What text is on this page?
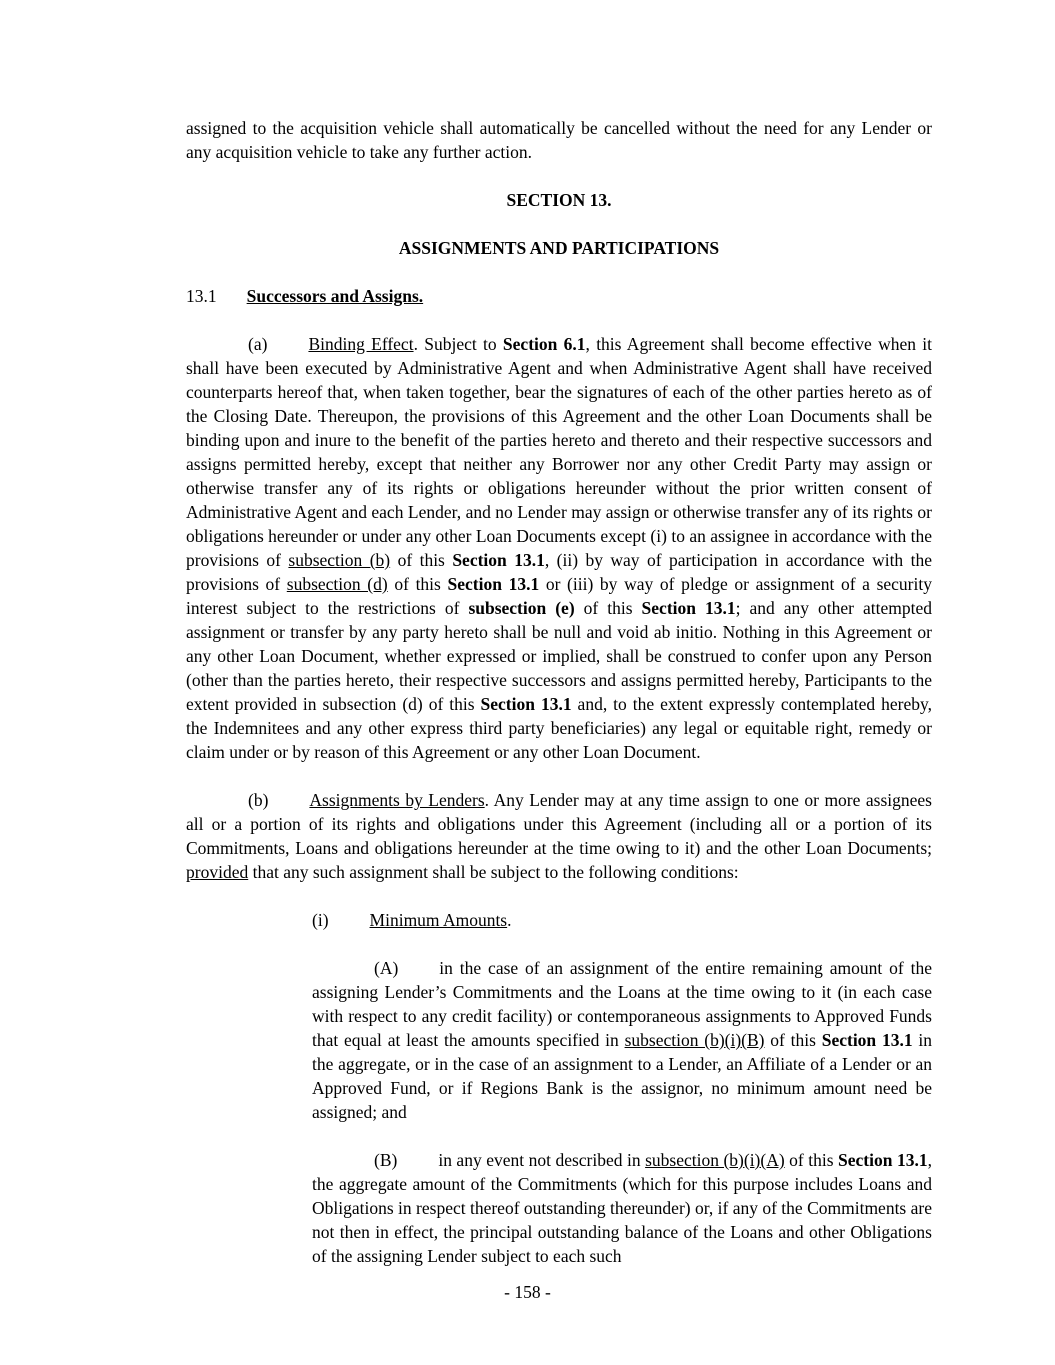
assigned to the acquisition vehicle shall automatically be cancelled without the need for any Lender or any acquisition vehicle to take any further action.

SECTION 13.

ASSIGNMENTS AND PARTICIPATIONS

13.1 Successors and Assigns.

(a) Binding Effect. Subject to Section 6.1, this Agreement shall become effective when it shall have been executed by Administrative Agent and when Administrative Agent shall have received counterparts hereof that, when taken together, bear the signatures of each of the other parties hereto as of the Closing Date. Thereupon, the provisions of this Agreement and the other Loan Documents shall be binding upon and inure to the benefit of the parties hereto and thereto and their respective successors and assigns permitted hereby, except that neither any Borrower nor any other Credit Party may assign or otherwise transfer any of its rights or obligations hereunder without the prior written consent of Administrative Agent and each Lender, and no Lender may assign or otherwise transfer any of its rights or obligations hereunder or under any other Loan Documents except (i) to an assignee in accordance with the provisions of subsection (b) of this Section 13.1, (ii) by way of participation in accordance with the provisions of subsection (d) of this Section 13.1 or (iii) by way of pledge or assignment of a security interest subject to the restrictions of subsection (e) of this Section 13.1; and any other attempted assignment or transfer by any party hereto shall be null and void ab initio. Nothing in this Agreement or any other Loan Document, whether expressed or implied, shall be construed to confer upon any Person (other than the parties hereto, their respective successors and assigns permitted hereby, Participants to the extent provided in subsection (d) of this Section 13.1 and, to the extent expressly contemplated hereby, the Indemnitees and any other express third party beneficiaries) any legal or equitable right, remedy or claim under or by reason of this Agreement or any other Loan Document.

(b) Assignments by Lenders. Any Lender may at any time assign to one or more assignees all or a portion of its rights and obligations under this Agreement (including all or a portion of its Commitments, Loans and obligations hereunder at the time owing to it) and the other Loan Documents; provided that any such assignment shall be subject to the following conditions:

(i) Minimum Amounts.

(A) in the case of an assignment of the entire remaining amount of the assigning Lender’s Commitments and the Loans at the time owing to it (in each case with respect to any credit facility) or contemporaneous assignments to Approved Funds that equal at least the amounts specified in subsection (b)(i)(B) of this Section 13.1 in the aggregate, or in the case of an assignment to a Lender, an Affiliate of a Lender or an Approved Fund, or if Regions Bank is the assignor, no minimum amount need be assigned; and

(B) in any event not described in subsection (b)(i)(A) of this Section 13.1, the aggregate amount of the Commitments (which for this purpose includes Loans and Obligations in respect thereof outstanding thereunder) or, if any of the Commitments are not then in effect, the principal outstanding balance of the Loans and other Obligations of the assigning Lender subject to each such

- 158 -
